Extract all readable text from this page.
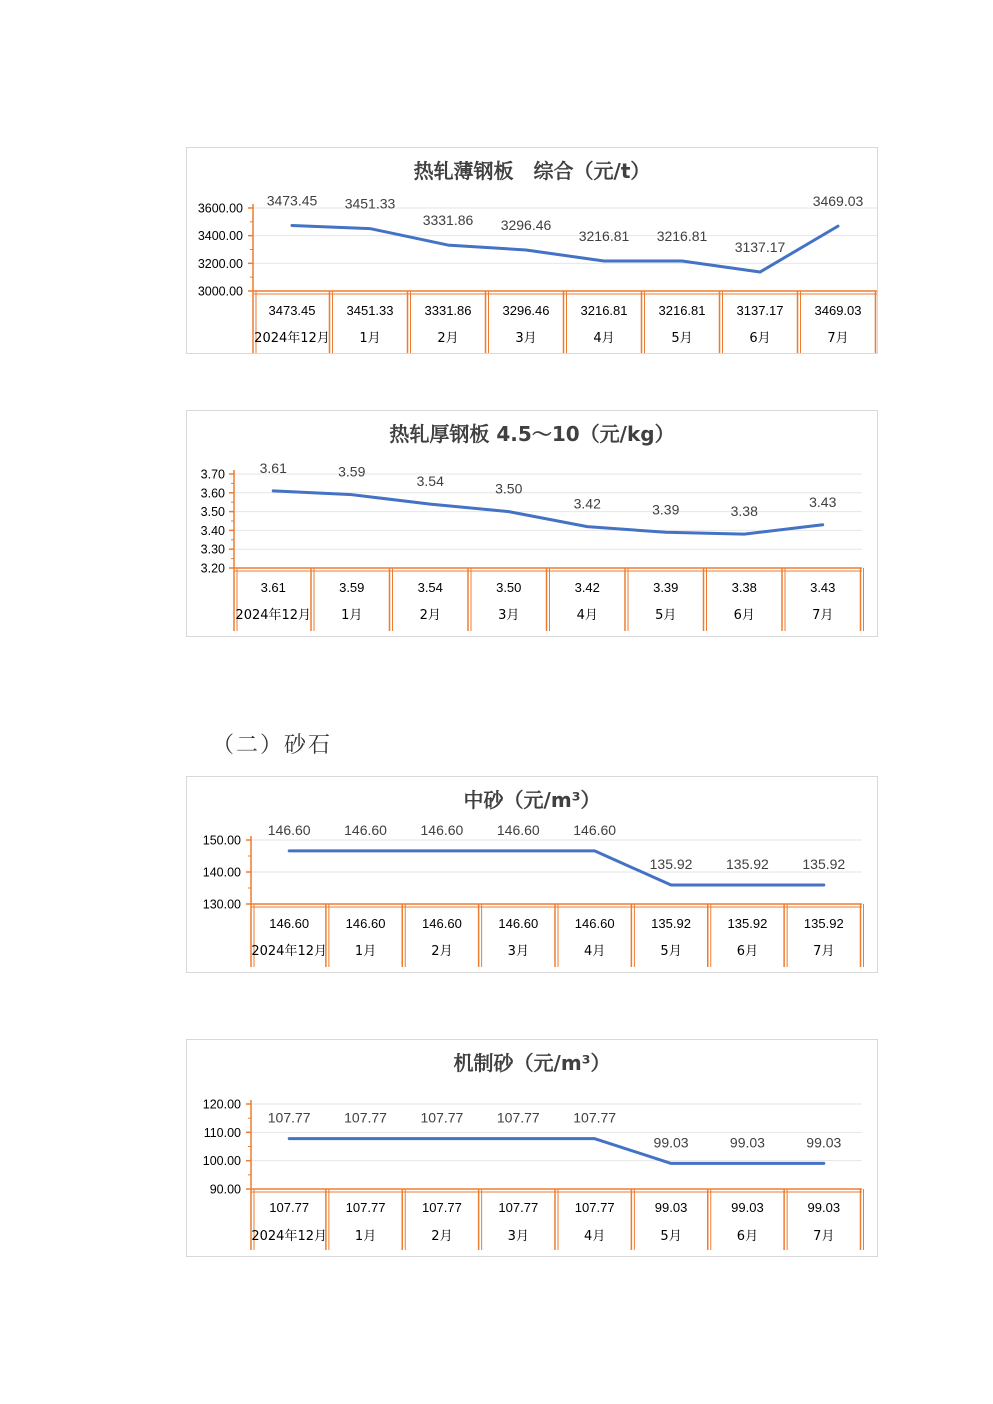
热轧薄钢板　综合（元/t）
3000.00
3200.00
3400.00
3600.00 3473.45
3473.45
2024年12月
3451.33
3451.33
1月
3331.86
3331.86
2月
3296.46
3296.46
3月
3216.81
3216.81
4月
3216.81
3216.81
5月
3137.17
3137.17
6月
3469.03
3469.03
7月
热轧厚钢板 4.5～10（元/kg）
3.20
3.30
3.40
3.50
3.60
3.70 3.61
3.61
2024年12月
3.59
3.59
1月
3.54
3.54
2月
3.50
3.50
3月
3.42
3.42
4月
3.39
3.39
5月
3.38
3.38
6月
3.43
3.43
7月
（二）砂石
中砂（元/m³）
130.00
140.00
150.00
146.60
146.60
2024年12月
146.60
146.60
1月
146.60
146.60
2月
146.60
146.60
3月
146.60
146.60
4月
135.92
135.92
5月
135.92
135.92
6月
135.92
135.92
7月
机制砂（元/m³）
90.00
100.00
110.00
120.00
107.77
107.77
2024年12月
107.77
107.77
1月
107.77
107.77
2月
107.77
107.77
3月
107.77
107.77
4月
99.03
99.03
5月
99.03
99.03
6月
99.03
99.03
7月
